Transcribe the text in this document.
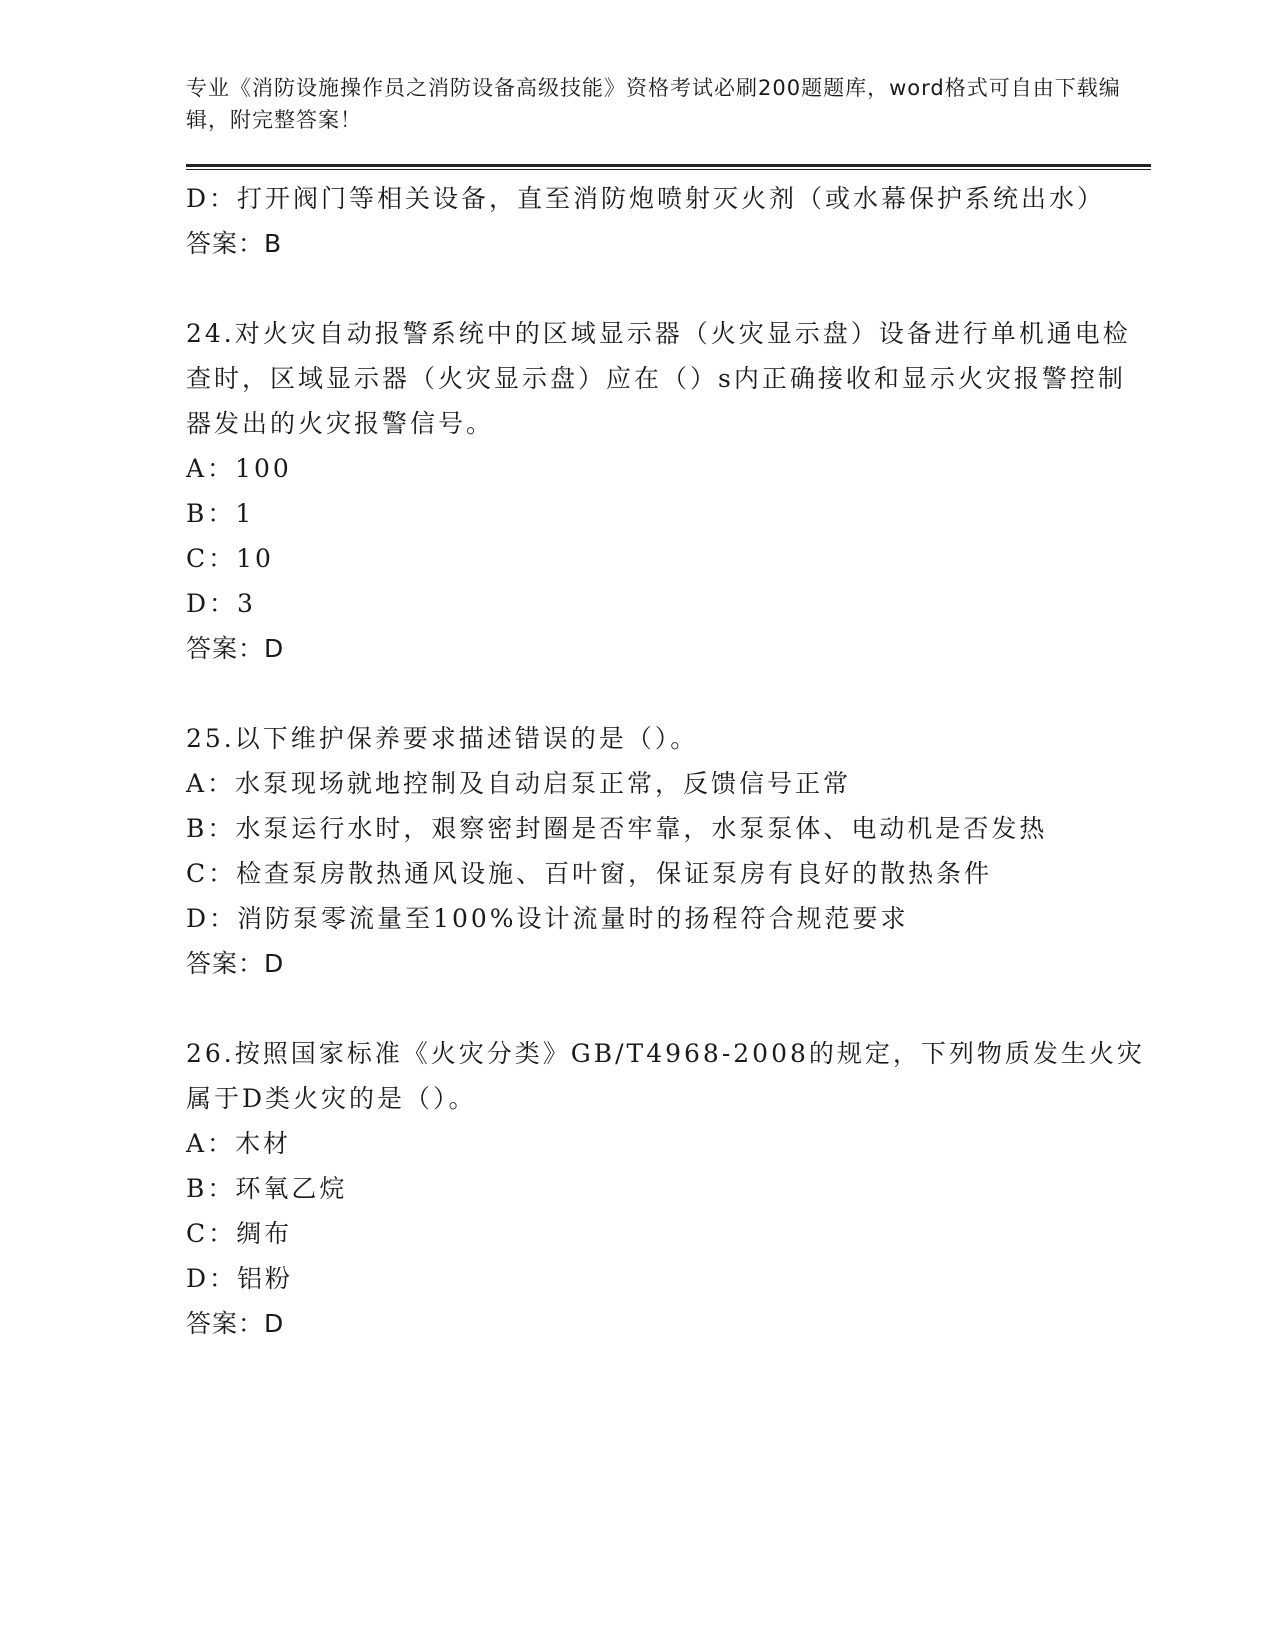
专业《消防设施操作员之消防设备高级技能》资格考试必刷200题题库，word格式可自由下载编辑，附完整答案！

D：打开阀门等相关设备，直至消防炮喷射灭火剂（或水幕保护系统出水）

答案：B

24.对火灾自动报警系统中的区域显示器（火灾显示盘）设备进行单机通电检查时，区域显示器（火灾显示盘）应在（）s内正确接收和显示火灾报警控制器发出的火灾报警信号。

A：100

B：1

C：10

D：3

答案：D

25.以下维护保养要求描述错误的是（）。

A：水泵现场就地控制及自动启泵正常，反馈信号正常

B：水泵运行水时，艰察密封圈是否牢靠，水泵泵体、电动机是否发热

C：检查泵房散热通风设施、百叶窗，保证泵房有良好的散热条件

D：消防泵零流量至100%设计流量时的扬程符合规范要求

答案：D

26.按照国家标准《火灾分类》GB/T4968-2008的规定，下列物质发生火灾属于D类火灾的是（）。

A：木材

B：环氧乙烷

C：绸布

D：铝粉

答案：D
